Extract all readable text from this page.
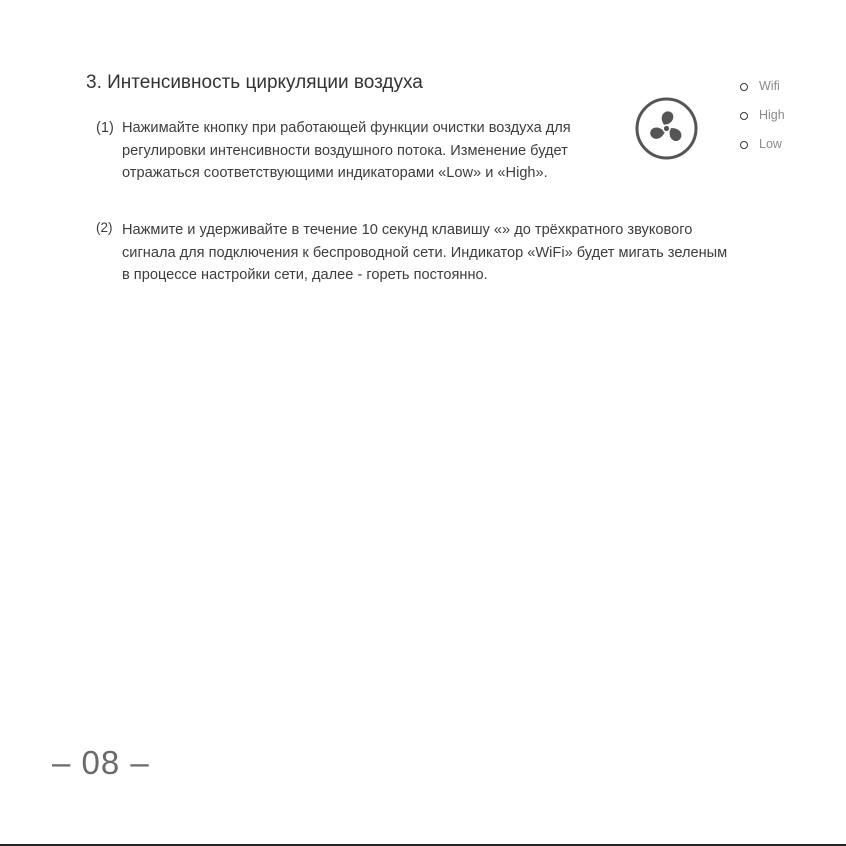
3. Интенсивность циркуляции воздуха
(1) Нажимайте кнопку при работающей функции очистки воздуха для регулировки интенсивности воздушного потока. Изменение будет отражаться соответствующими индикаторами «Low» и «High».
(2) Нажмите и удерживайте в течение 10 секунд клавишу «» до трёхкратного звукового сигнала для подключения к беспроводной сети. Индикатор «WiFi» будет мигать зеленым в процессе настройки сети, далее - гореть постоянно.
Wifi
High
Low
– 08 –
